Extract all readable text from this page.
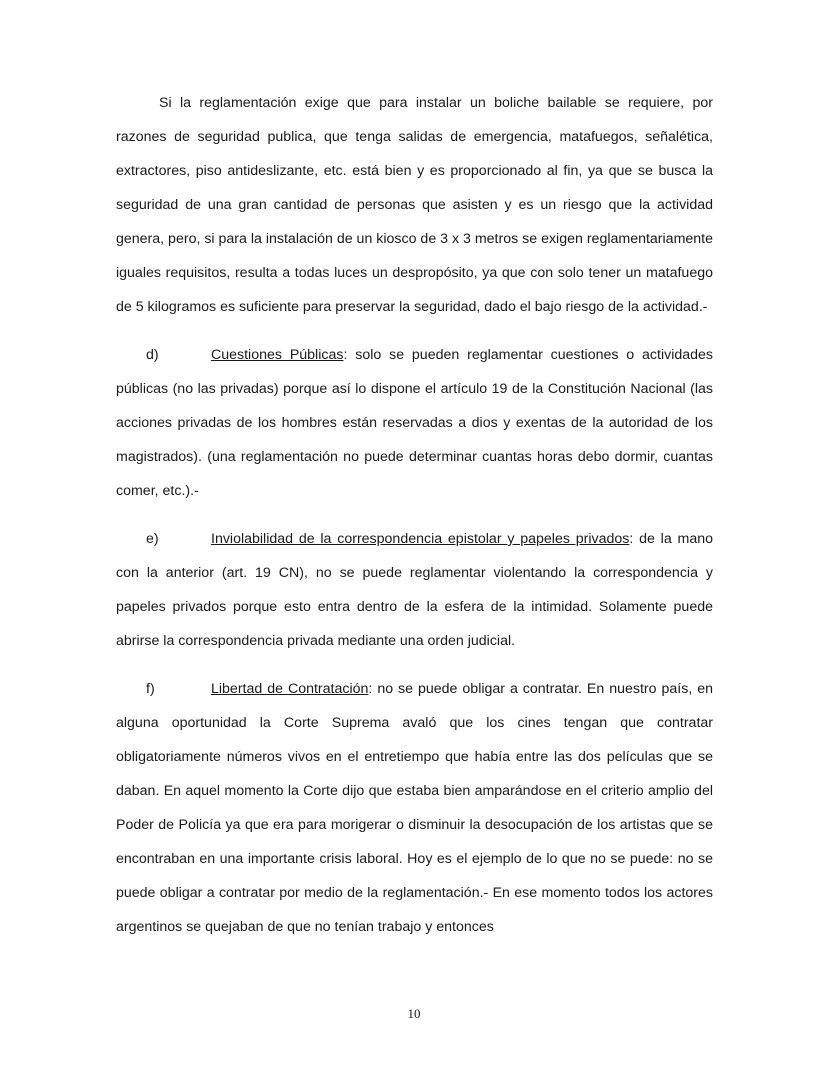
Si la reglamentación exige que para instalar un boliche bailable se requiere, por razones de seguridad publica, que tenga salidas de emergencia, matafuegos, señalética, extractores, piso antideslizante, etc. está bien y es proporcionado al fin, ya que se busca la seguridad de una gran cantidad de personas que asisten y es un riesgo que la actividad genera, pero, si para la instalación de un kiosco de 3 x 3 metros se exigen reglamentariamente iguales requisitos, resulta a todas luces un despropósito, ya que con solo tener un matafuego de 5 kilogramos es suficiente para preservar la seguridad, dado el bajo riesgo de la actividad.-

d)	Cuestiones Públicas: solo se pueden reglamentar cuestiones o actividades públicas (no las privadas) porque así lo dispone el artículo 19 de la Constitución Nacional (las acciones privadas de los hombres están reservadas a dios y exentas de la autoridad de los magistrados). (una reglamentación no puede determinar cuantas horas debo dormir, cuantas comer, etc.).-

e)	Inviolabilidad de la correspondencia epistolar y papeles privados: de la mano con la anterior (art. 19 CN), no se puede reglamentar violentando la correspondencia y papeles privados porque esto entra dentro de la esfera de la intimidad. Solamente puede abrirse la correspondencia privada mediante una orden judicial.

f)	Libertad de Contratación: no se puede obligar a contratar. En nuestro país, en alguna oportunidad la Corte Suprema avaló que los cines tengan que contratar obligatoriamente números vivos en el entretiempo que había entre las dos películas que se daban. En aquel momento la Corte dijo que estaba bien amparándose en el criterio amplio del Poder de Policía ya que era para morigerar o disminuir la desocupación de los artistas que se encontraban en una importante crisis laboral. Hoy es el ejemplo de lo que no se puede: no se puede obligar a contratar por medio de la reglamentación.- En ese momento todos los actores argentinos se quejaban de que no tenían trabajo y entonces

10
